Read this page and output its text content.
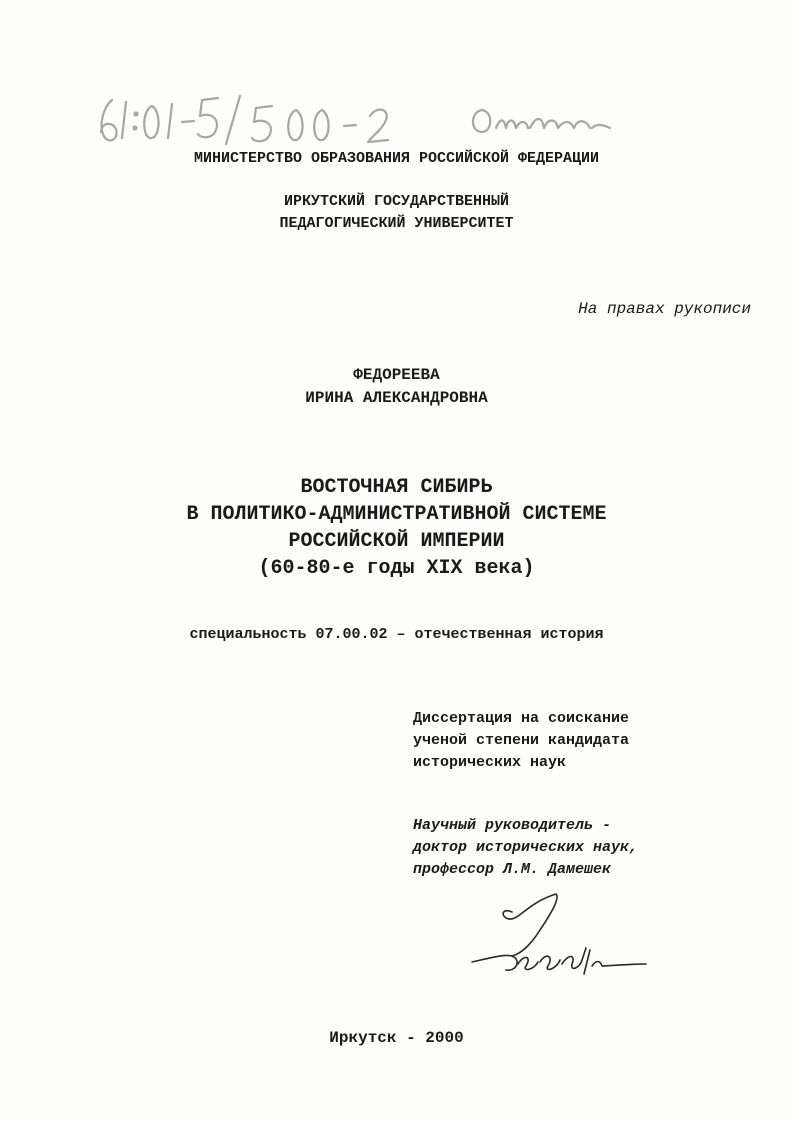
МИНИСТЕРСТВО ОБРАЗОВАНИЯ РОССИЙСКОЙ ФЕДЕРАЦИИ
ИРКУТСКИЙ ГОСУДАРСТВЕННЫЙ
ПЕДАГОГИЧЕСКИЙ УНИВЕРСИТЕТ
На правах рукописи
ФЕДОРЕЕВА
ИРИНА АЛЕКСАНДРОВНА
ВОСТОЧНАЯ СИБИРЬ
В ПОЛИТИКО-АДМИНИСТРАТИВНОЙ СИСТЕМЕ
РОССИЙСКОЙ ИМПЕРИИ
(60-80-е годы XIX века)
специальность 07.00.02 – отечественная история
Диссертация на соискание
ученой степени кандидата
исторических наук
Научный руководитель -
доктор исторических наук,
профессор Л.М. Дамешек
Иркутск - 2000
